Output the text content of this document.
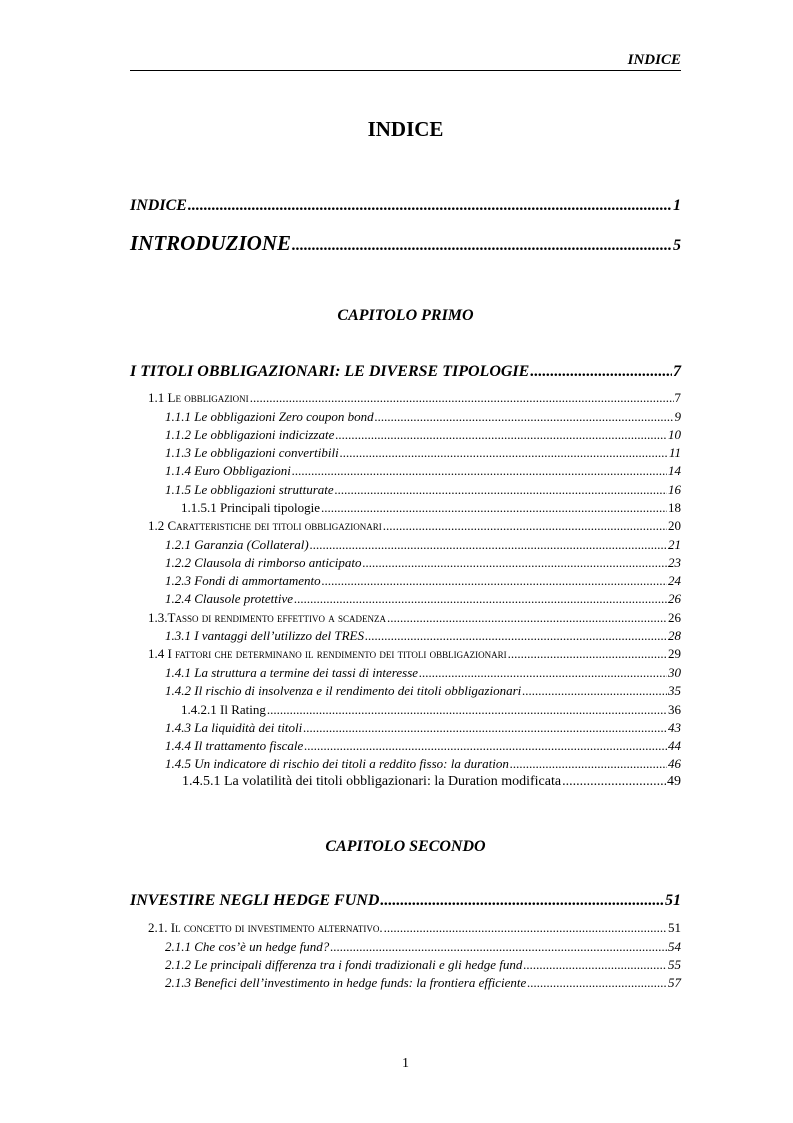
INDICE
INDICE
INDICE .....	1
INTRODUZIONE .....	5
CAPITOLO PRIMO
I TITOLI OBBLIGAZIONARI: LE DIVERSE TIPOLOGIE .....	7
1.1 Le obbligazioni .....	7
1.1.1 Le obbligazioni Zero coupon bond .....	9
1.1.2 Le obbligazioni indicizzate .....	10
1.1.3 Le obbligazioni convertibili .....	11
1.1.4 Euro Obbligazioni .....	14
1.1.5 Le obbligazioni strutturate .....	16
1.1.5.1 Principali tipologie .....	18
1.2 Caratteristiche dei titoli obbligazionari .....	20
1.2.1 Garanzia (Collateral) .....	21
1.2.2 Clausola di rimborso anticipato .....	23
1.2.3 Fondi di ammortamento .....	24
1.2.4 Clausole protettive .....	26
1.3.Tasso di rendimento effettivo a scadenza .....	26
1.3.1 I vantaggi dell’utilizzo del TRES .....	28
1.4 I fattori che determinano il rendimento dei titoli obbligazionari .....	29
1.4.1 La struttura a termine dei tassi di interesse .....	30
1.4.2 Il rischio di insolvenza e il rendimento dei titoli obbligazionari .....	35
1.4.2.1 Il Rating .....	36
1.4.3 La liquidità dei titoli .....	43
1.4.4 Il trattamento fiscale .....	44
1.4.5 Un indicatore di rischio dei titoli a reddito fisso: la duration .....	46
1.4.5.1 La volatilità dei titoli obbligazionari: la Duration modificata .....	49
CAPITOLO SECONDO
INVESTIRE NEGLI HEDGE FUND .....	51
2.1. Il concetto di investimento alternativo. .....	51
2.1.1 Che cos’è un hedge fund? .....	54
2.1.2 Le principali differenza tra i fondi tradizionali e gli hedge fund .....	55
2.1.3 Benefici dell’investimento in hedge funds: la frontiera efficiente .....	57
1
